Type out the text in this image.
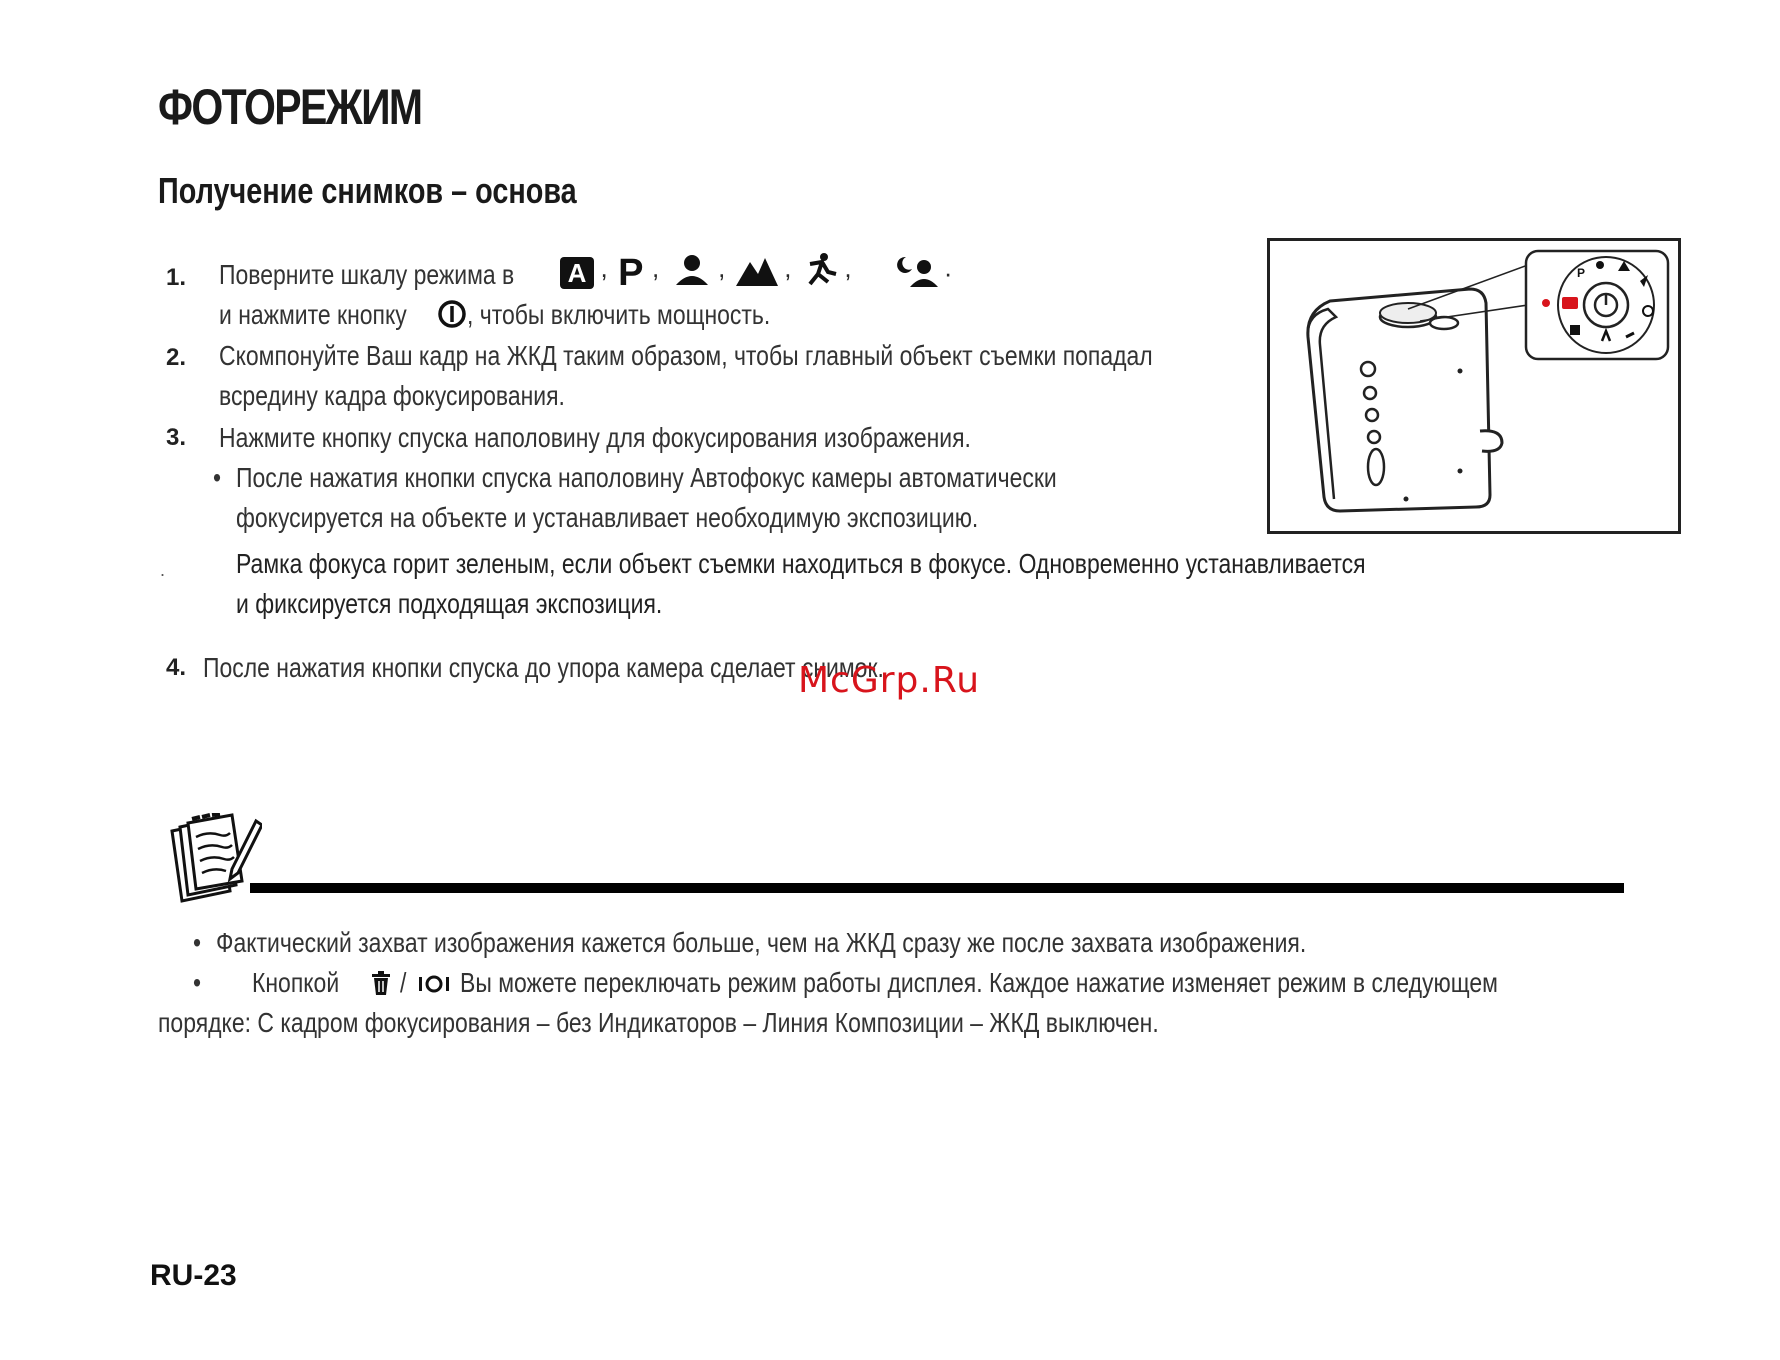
ФОТОРЕЖИМ
Получение снимков – основа
1. Поверните шкалу режима в A , P , , , ,	.
и нажмите кнопку , чтобы включить мощность.
2. Скомпонуйте Ваш кадр на ЖКД таким образом, чтобы главный объект съемки попадал
всредину кадра фокусирования.
3. Нажмите кнопку спуска наполовину для фокусирования изображения.
• После нажатия кнопки спуска наполовину Автофокус камеры автоматически
фокусируется на объекте и устанавливает необходимую экспозицию.
.	Рамка фокуса горит зеленым, если объект съемки находиться в фокусе. Одновременно устанавливается
и фиксируется подходящая экспозиция.
4. После нажатия кнопки спуска до упора камера сделает снимок.
McGrp.Ru
P
• Фактический захват изображения кажется больше, чем на ЖКД сразу же после захвата изображения.
• Кнопкой / Вы можете переключать режим работы дисплея. Каждое нажатие изменяет режим в следующем
порядке: С кадром фокусирования – без Индикаторов – Линия Композиции – ЖКД выключен.
RU-23
